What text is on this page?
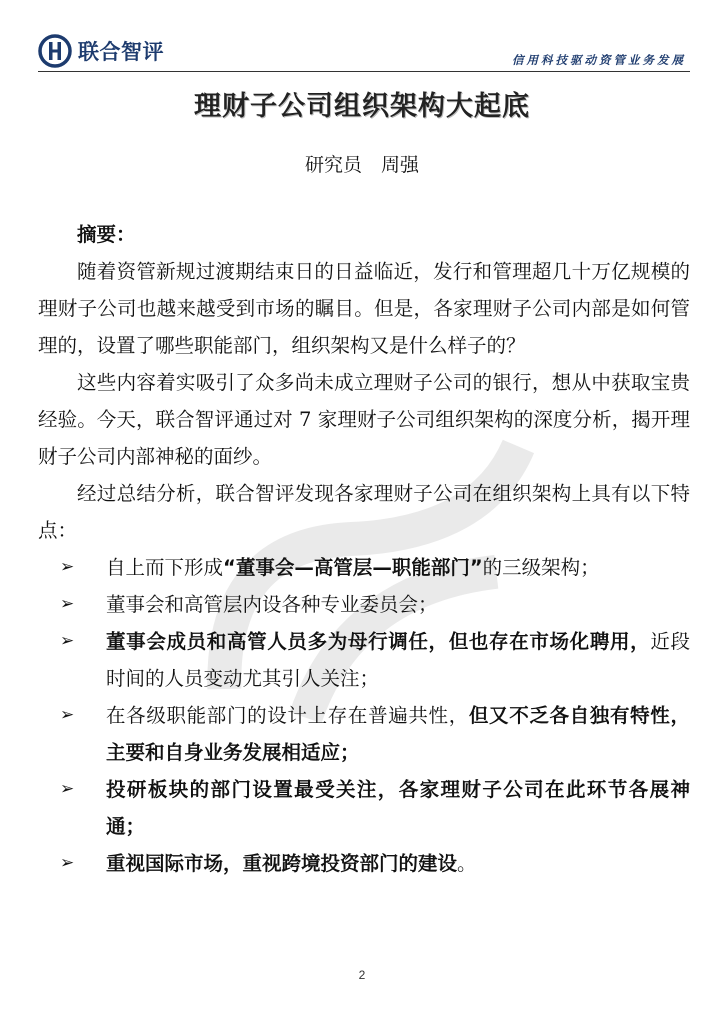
联合智评	信用科技驱动资管业务发展
理财子公司组织架构大起底
研究员　周强
摘要：

随着资管新规过渡期结束日的日益临近，发行和管理超几十万亿规模的理财子公司也越来越受到市场的瞩目。但是，各家理财子公司内部是如何管理的，设置了哪些职能部门，组织架构又是什么样子的？

这些内容着实吸引了众多尚未成立理财子公司的银行，想从中获取宝贵经验。今天，联合智评通过对 7 家理财子公司组织架构的深度分析，揭开理财子公司内部神秘的面纱。

经过总结分析，联合智评发现各家理财子公司在组织架构上具有以下特点：

➢ 自上而下形成“董事会—高管层—职能部门”的三级架构；
➢ 董事会和高管层内设各种专业委员会；
➢ 董事会成员和高管人员多为母行调任，但也存在市场化聘用，近段时间的人员变动尤其引人关注；
➢ 在各级职能部门的设计上存在普遍共性，但又不乏各自独有特性，主要和自身业务发展相适应；
➢ 投研板块的部门设置最受关注，各家理财子公司在此环节各展神通；
➢ 重视国际市场，重视跨境投资部门的建设。
2
